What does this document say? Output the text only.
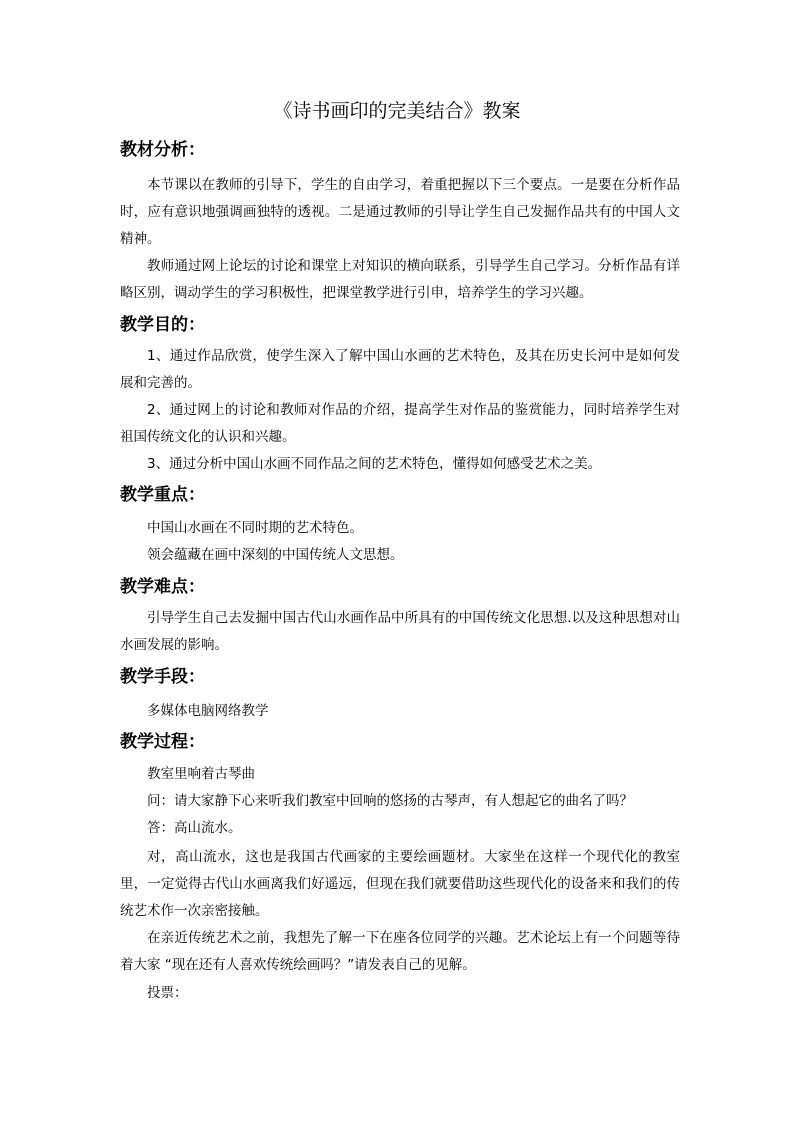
《诗书画印的完美结合》教案
教材分析：
本节课以在教师的引导下，学生的自由学习，着重把握以下三个要点。一是要在分析作品时，应有意识地强调画独特的透视。二是通过教师的引导让学生自己发掘作品共有的中国人文精神。
教师通过网上论坛的讨论和课堂上对知识的横向联系，引导学生自己学习。分析作品有详略区别，调动学生的学习积极性，把课堂教学进行引申，培养学生的学习兴趣。
教学目的：
1、通过作品欣赏，使学生深入了解中国山水画的艺术特色，及其在历史长河中是如何发展和完善的。
2、通过网上的讨论和教师对作品的介绍，提高学生对作品的鉴赏能力，同时培养学生对祖国传统文化的认识和兴趣。
3、通过分析中国山水画不同作品之间的艺术特色，懂得如何感受艺术之美。
教学重点：
中国山水画在不同时期的艺术特色。
领会蕴藏在画中深刻的中国传统人文思想。
教学难点：
引导学生自己去发掘中国古代山水画作品中所具有的中国传统文化思想.以及这种思想对山水画发展的影响。
教学手段：
多媒体电脑网络教学
教学过程：
教室里响着古琴曲
问：请大家静下心来听我们教室中回响的悠扬的古琴声，有人想起它的曲名了吗？
答：高山流水。
对，高山流水，这也是我国古代画家的主要绘画题材。大家坐在这样一个现代化的教室里，一定觉得古代山水画离我们好遥远，但现在我们就要借助这些现代化的设备来和我们的传统艺术作一次亲密接触。
在亲近传统艺术之前，我想先了解一下在座各位同学的兴趣。艺术论坛上有一个问题等待着大家 “现在还有人喜欢传统绘画吗？”请发表自己的见解。
投票：
